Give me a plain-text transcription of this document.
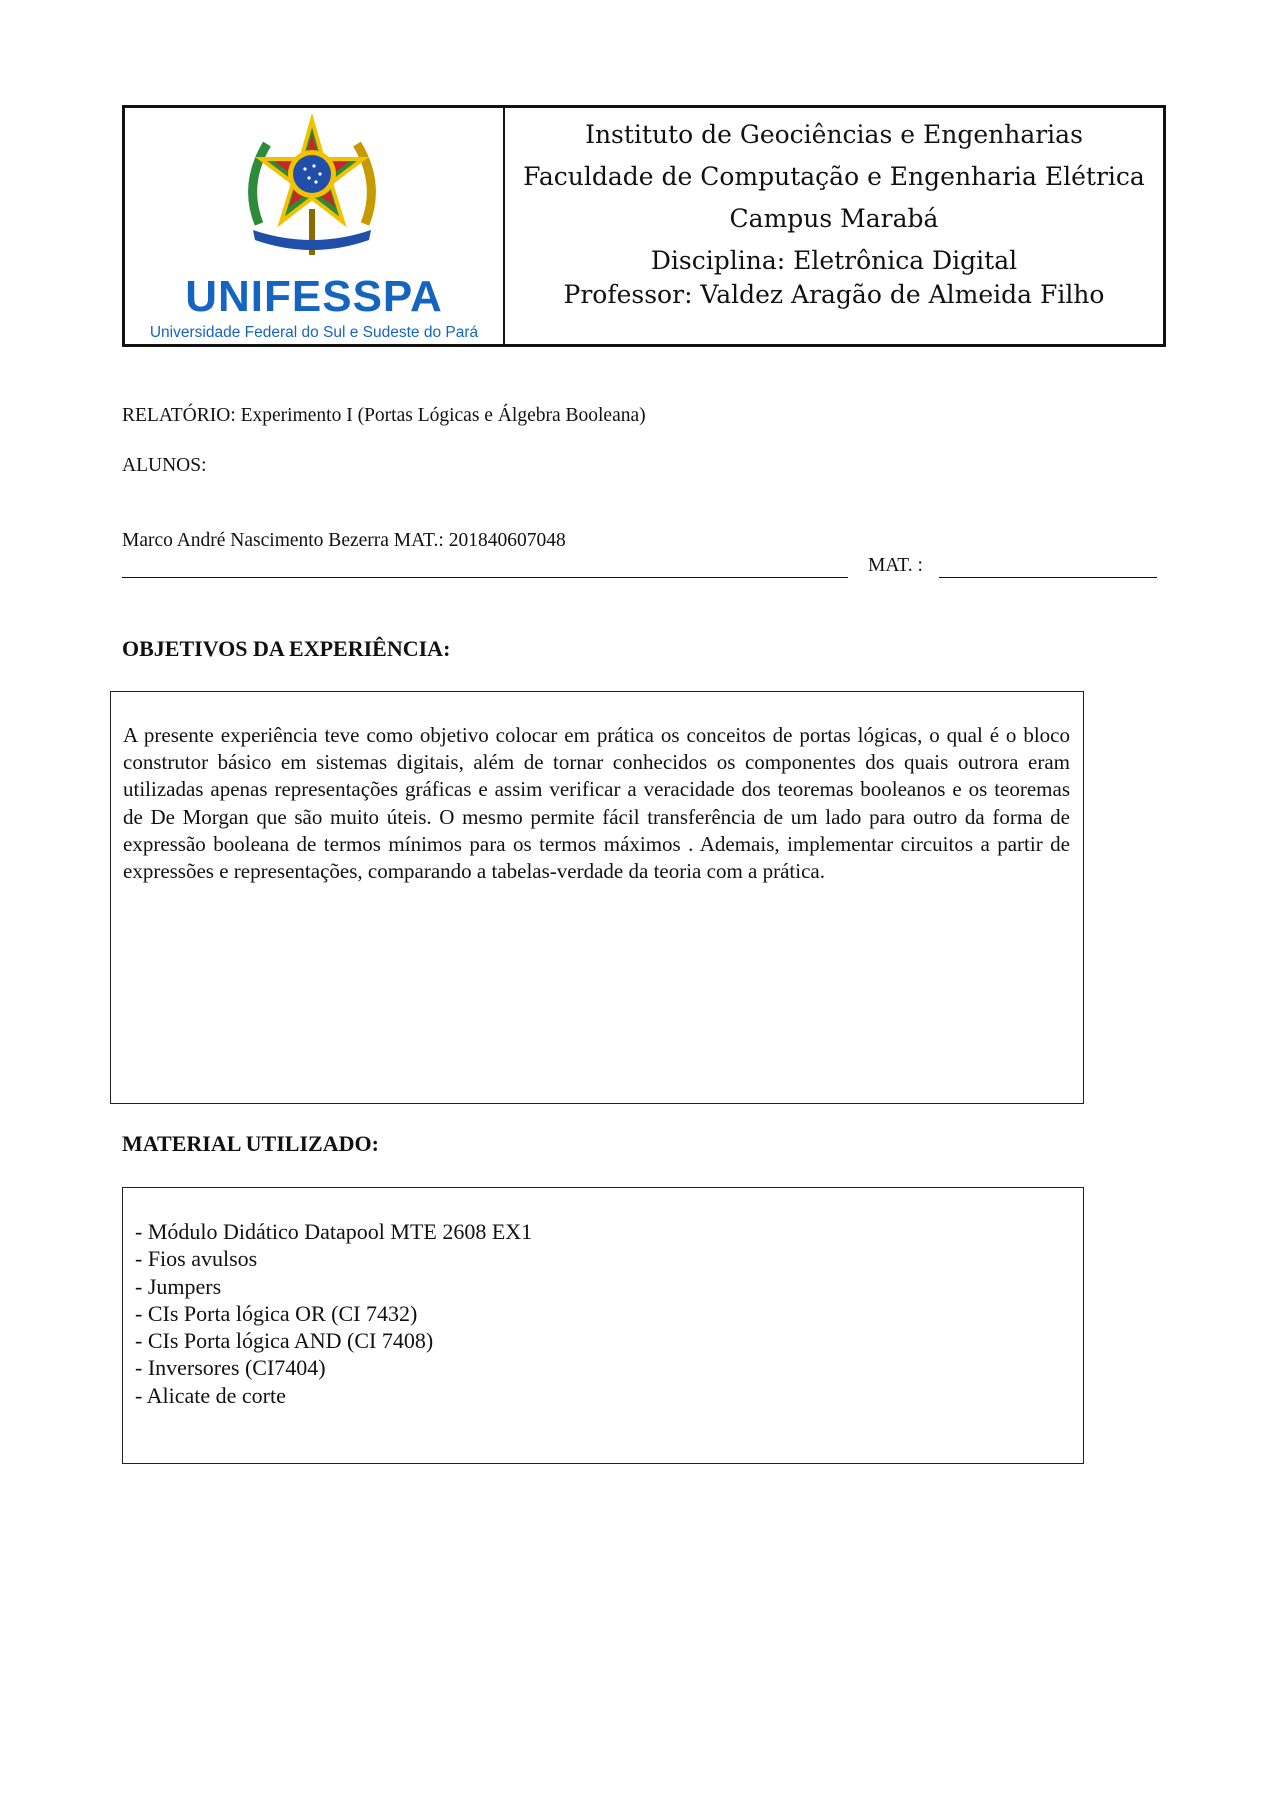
UNIFESSPA
Universidade Federal do Sul e Sudeste do Pará
Instituto de Geociências e Engenharias
Faculdade de Computação e Engenharia Elétrica
Campus Marabá
Disciplina: Eletrônica Digital
Professor: Valdez Aragão de Almeida Filho
RELATÓRIO: Experimento I (Portas Lógicas e Álgebra Booleana)
ALUNOS:
Marco André Nascimento Bezerra MAT.: 201840607048
MAT. :
OBJETIVOS DA EXPERIÊNCIA:

A presente experiência teve como objetivo colocar em prática os conceitos de portas lógicas, o qual é o bloco construtor básico em sistemas digitais, além de tornar conhecidos os componentes dos quais outrora eram utilizadas apenas representações gráficas e assim verificar a veracidade dos teoremas booleanos e os teoremas de De Morgan que são muito úteis. O mesmo permite fácil transferência de um lado para outro da forma de expressão booleana de termos mínimos para os termos máximos . Ademais, implementar circuitos a partir de expressões e representações, comparando a tabelas-verdade da teoria com a prática.

MATERIAL UTILIZADO:
- Módulo Didático Datapool MTE 2608 EX1
- Fios avulsos
- Jumpers
- CIs Porta lógica OR (CI 7432)
- CIs Porta lógica AND (CI 7408)
- Inversores (CI7404)
- Alicate de corte
